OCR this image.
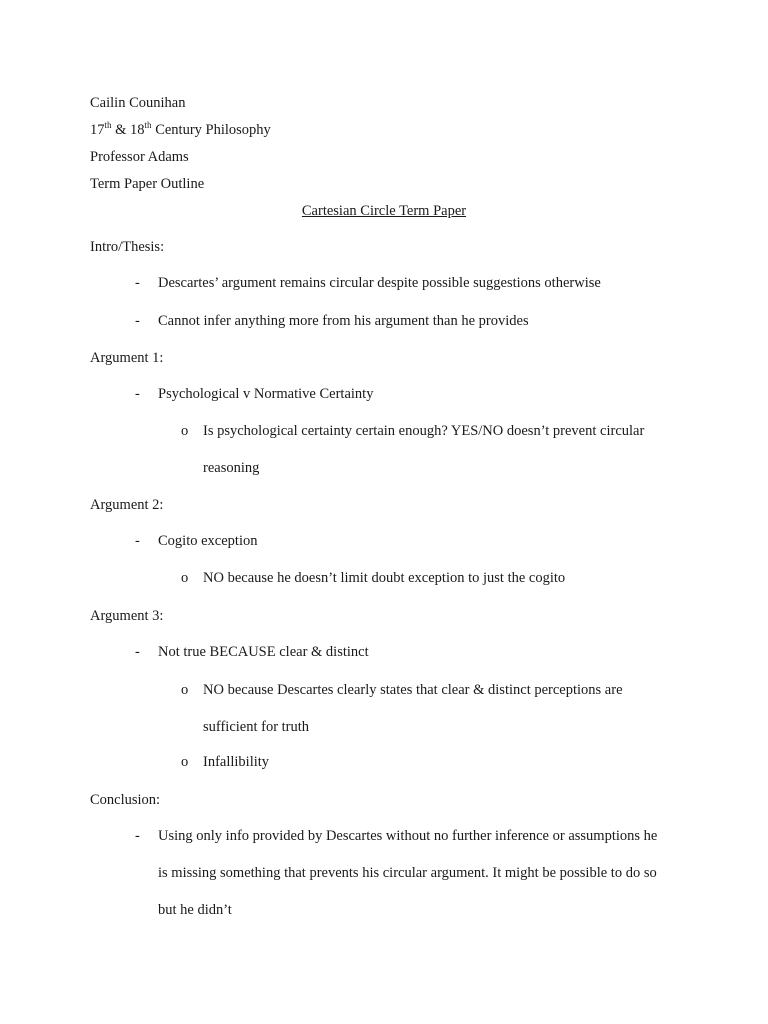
Cailin Counihan
17th & 18th Century Philosophy
Professor Adams
Term Paper Outline
Cartesian Circle Term Paper
Intro/Thesis:
- Descartes’ argument remains circular despite possible suggestions otherwise
- Cannot infer anything more from his argument than he provides
Argument 1:
- Psychological v Normative Certainty
o Is psychological certainty certain enough? YES/NO doesn’t prevent circular
reasoning
Argument 2:
- Cogito exception
o NO because he doesn’t limit doubt exception to just the cogito
Argument 3:
- Not true BECAUSE clear & distinct
o NO because Descartes clearly states that clear & distinct perceptions are
sufficient for truth
o Infallibility
Conclusion:
- Using only info provided by Descartes without no further inference or assumptions he
is missing something that prevents his circular argument. It might be possible to do so
but he didn’t
